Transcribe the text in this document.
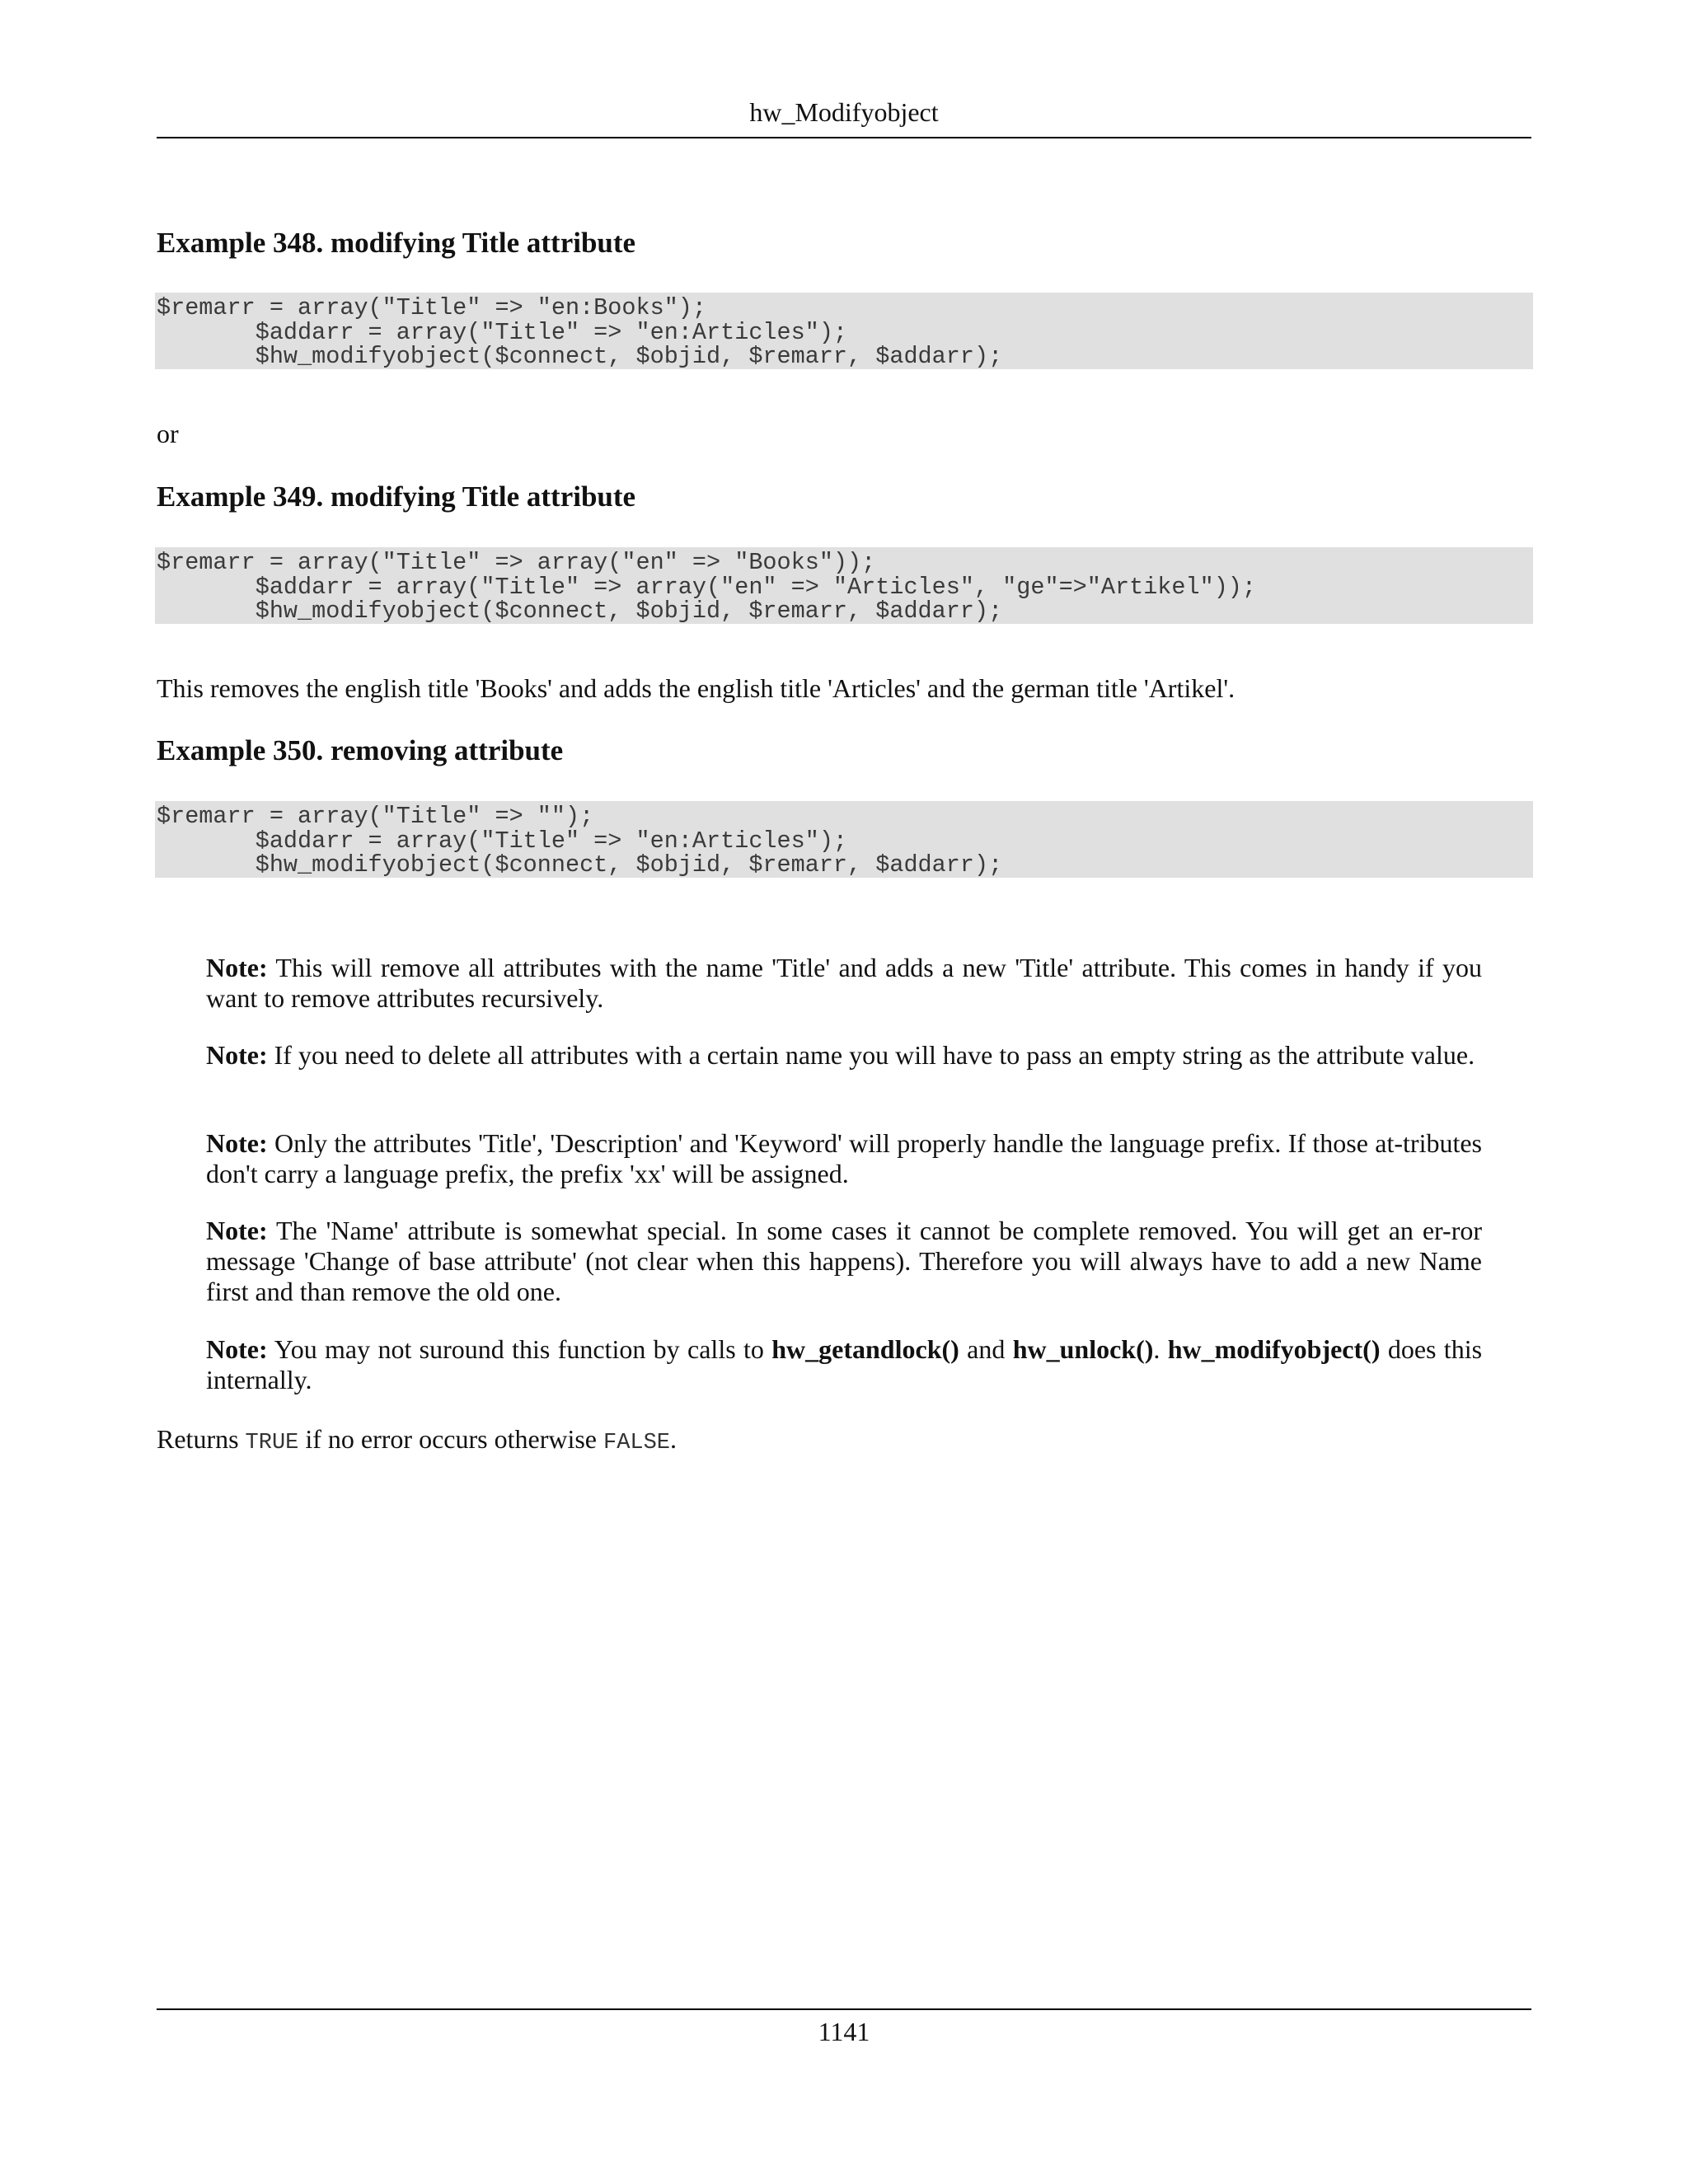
hw_Modifyobject
Example 348. modifying Title attribute
$remarr = array("Title" => "en:Books");
$addarr = array("Title" => "en:Articles");
$hw_modifyobject($connect, $objid, $remarr, $addarr);

or

Example 349. modifying Title attribute
$remarr = array("Title" => array("en" => "Books"));
$addarr = array("Title" => array("en" => "Articles", "ge"=>"Artikel"));
$hw_modifyobject($connect, $objid, $remarr, $addarr);

This removes the english title 'Books' and adds the english title 'Articles' and the german title 'Artikel'.

Example 350. removing attribute
$remarr = array("Title" => "");
$addarr = array("Title" => "en:Articles");
$hw_modifyobject($connect, $objid, $remarr, $addarr);

Note: This will remove all attributes with the name 'Title' and adds a new 'Title' attribute. This comes in handy if you want to remove attributes recursively.

Note: If you need to delete all attributes with a certain name you will have to pass an empty string as the attribute value.

Note: Only the attributes 'Title', 'Description' and 'Keyword' will properly handle the language prefix. If those at-tributes don't carry a language prefix, the prefix 'xx' will be assigned.

Note: The 'Name' attribute is somewhat special. In some cases it cannot be complete removed. You will get an er-ror message 'Change of base attribute' (not clear when this happens). Therefore you will always have to add a new Name first and than remove the old one.

Note: You may not suround this function by calls to hw_getandlock() and hw_unlock(). hw_modifyobject() does this internally.

Returns TRUE if no error occurs otherwise FALSE.

1141
